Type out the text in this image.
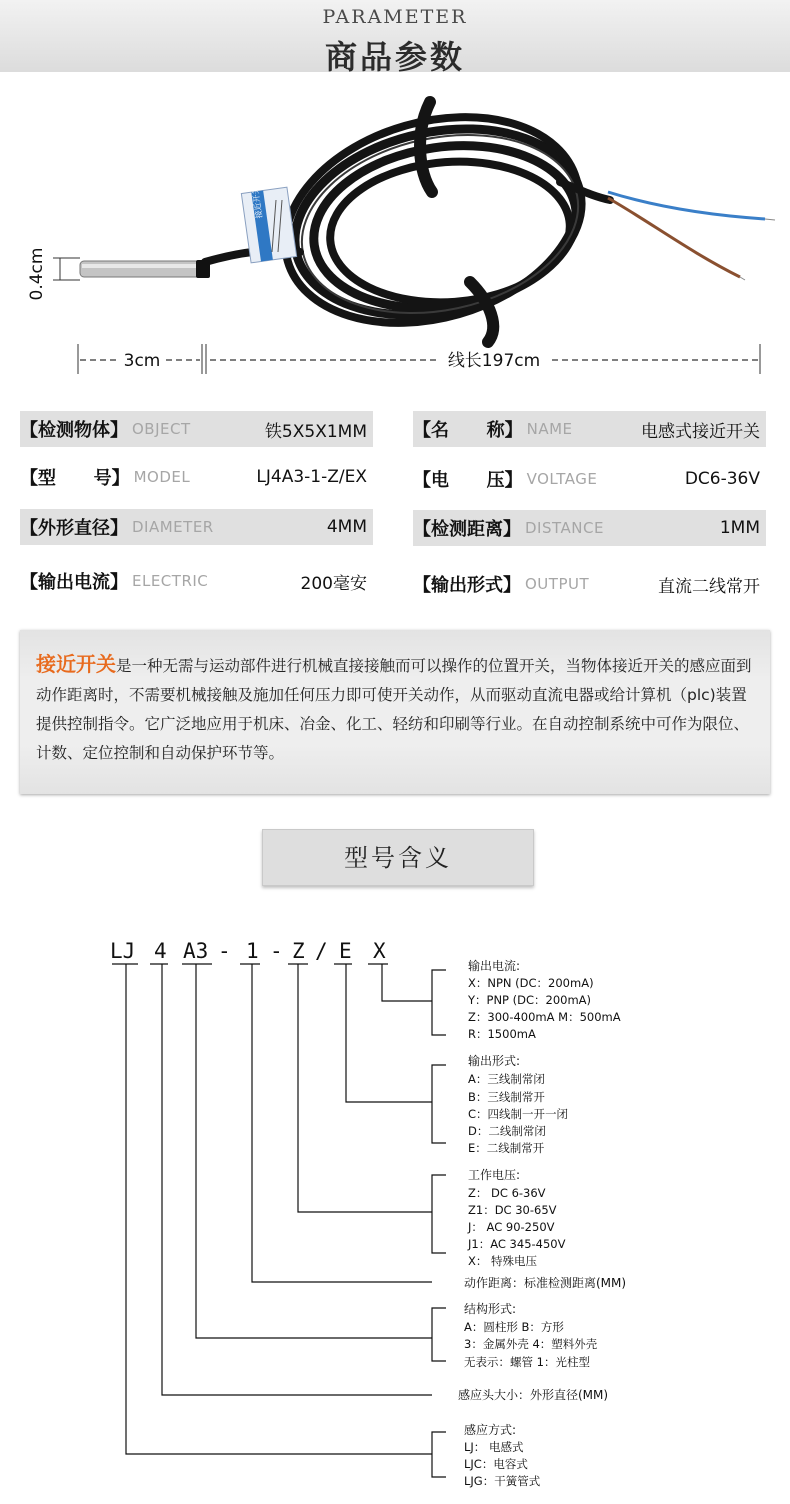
PARAMETER
商品参数
接近开关
0.4cm
3cm	线长197cm
【检测物体】 OBJECT	铁5X5X1MM	【名      称】 NAME	电感式接近开关
【型      号】 MODEL	LJ4A3-1-Z/EX	【电      压】 VOLTAGE	DC6-36V
【外形直径】 DIAMETER	4MM	【检测距离】 DISTANCE	1MM
【输出电流】 ELECTRIC	200毫安	【输出形式】 OUTPUT	直流二线常开
接近开关是一种无需与运动部件进行机械直接接触而可以操作的位置开关，当物体接近开关的感应面到动作距离时，不需要机械接触及施加任何压力即可使开关动作，从而驱动直流电器或给计算机（plc)装置提供控制指令。它广泛地应用于机床、冶金、化工、轻纺和印刷等行业。在自动控制系统中可作为限位、计数、定位控制和自动保护环节等。
型号含义
LJ 4 A3 - 1 - Z / E X
输出电流:
X：NPN (DC：200mA)
Y：PNP (DC：200mA)
Z：300-400mA M：500mA
R：1500mA
输出形式:
A：三线制常闭
B：三线制常开
C：四线制一开一闭
D：二线制常闭
E：二线制常开
工作电压:
Z： DC 6-36V
Z1：DC 30-65V
J： AC 90-250V
J1：AC 345-450V
X： 特殊电压
动作距离：标准检测距离(MM)
结构形式:
A：圆柱形 B：方形
3：金属外壳 4：塑料外壳
无表示：螺管 1：光柱型
感应头大小：外形直径(MM)
感应方式:
LJ： 电感式
LJC：电容式
LJG：干簧管式
